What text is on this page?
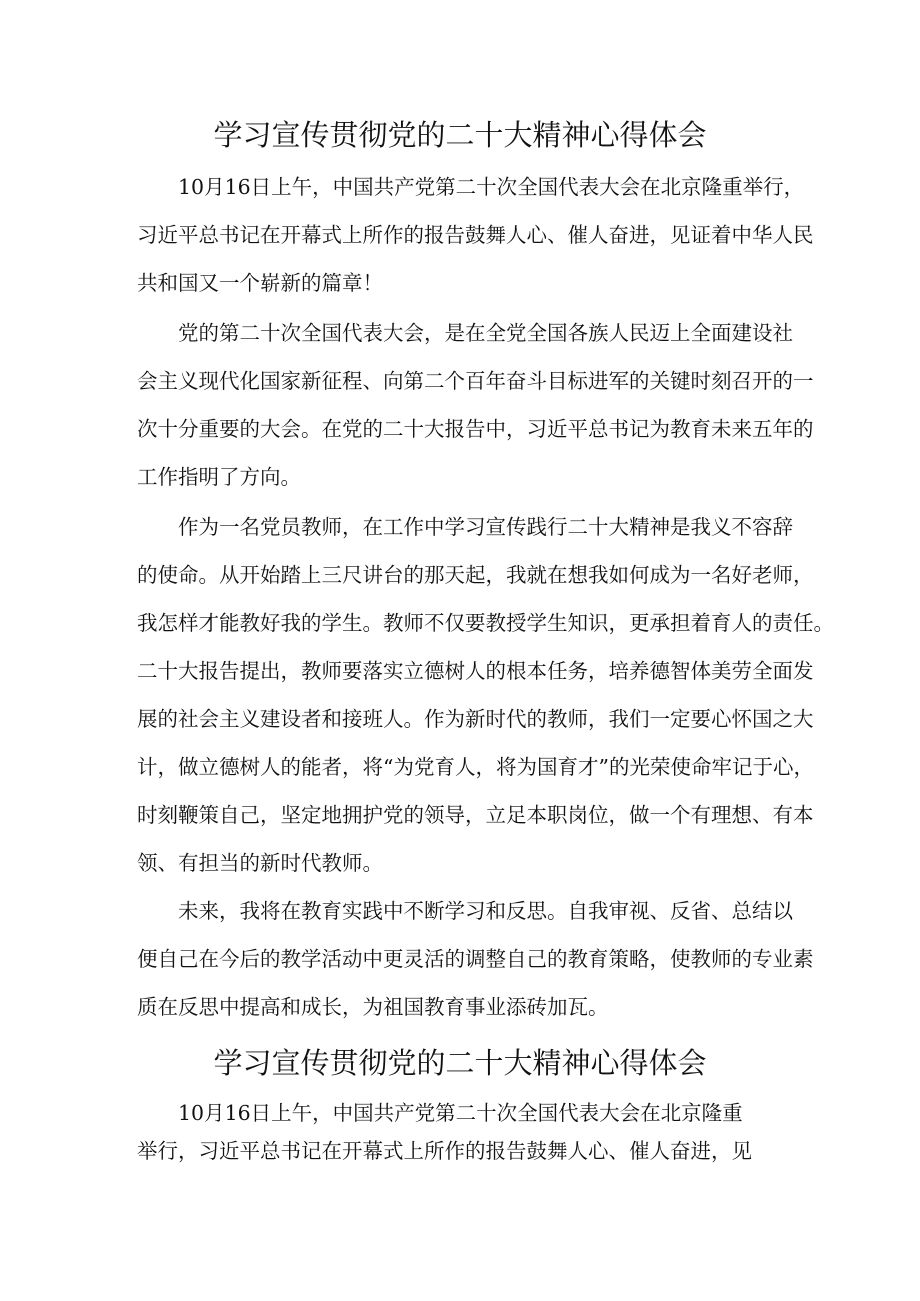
学习宣传贯彻党的二十大精神心得体会

10月16日上午，中国共产党第二十次全国代表大会在北京隆重举行，

习近平总书记在开幕式上所作的报告鼓舞人心、催人奋进，见证着中华人民

共和国又一个崭新的篇章！

党的第二十次全国代表大会，是在全党全国各族人民迈上全面建设社

会主义现代化国家新征程、向第二个百年奋斗目标进军的关键时刻召开的一

次十分重要的大会。在党的二十大报告中，习近平总书记为教育未来五年的

工作指明了方向。

作为一名党员教师，在工作中学习宣传践行二十大精神是我义不容辞

的使命。从开始踏上三尺讲台的那天起，我就在想我如何成为一名好老师，

我怎样才能教好我的学生。教师不仅要教授学生知识，更承担着育人的责任。

二十大报告提出，教师要落实立德树人的根本任务，培养德智体美劳全面发

展的社会主义建设者和接班人。作为新时代的教师，我们一定要心怀国之大

计，做立德树人的能者，将“为党育人，将为国育才”的光荣使命牢记于心，

时刻鞭策自己，坚定地拥护党的领导，立足本职岗位，做一个有理想、有本

领、有担当的新时代教师。

未来，我将在教育实践中不断学习和反思。自我审视、反省、总结以

便自己在今后的教学活动中更灵活的调整自己的教育策略，使教师的专业素

质在反思中提高和成长，为祖国教育事业添砖加瓦。

学习宣传贯彻党的二十大精神心得体会

10月16日上午，中国共产党第二十次全国代表大会在北京隆重

举行，习近平总书记在开幕式上所作的报告鼓舞人心、催人奋进，见
